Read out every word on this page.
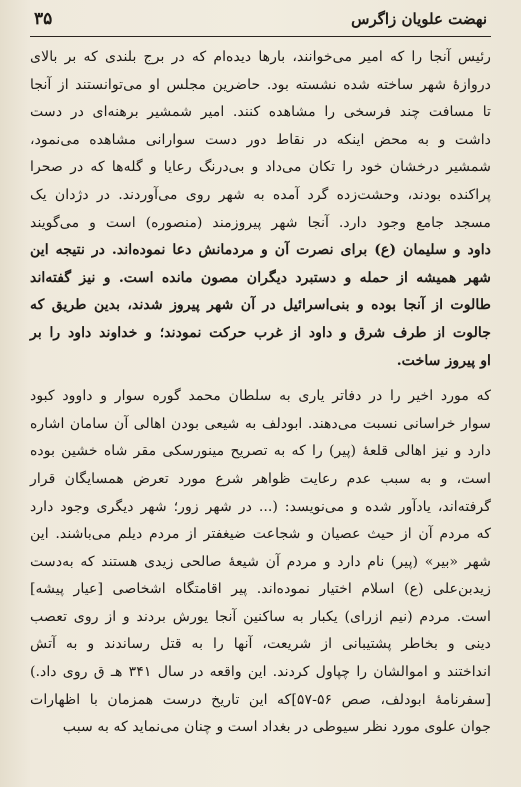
۳۵	نهضت علویان زاگرس

رئیس آنجا را که امیر می‌خوانند، بارها دیده‌ام که در برج بلندی که بر بالای
دروازهٔ شهر ساخته شده نشسته بود. حاضرین مجلس او می‌توانستند از آنجا
تا مسافت چند فرسخی را مشاهده کنند. امیر شمشیر برهنه‌ای در دست
داشت و به محض اینکه در نقاط دور دست سوارانی مشاهده می‌نمود،
شمشیر درخشان خود را تکان می‌داد و بی‌درنگ رعایا و گله‌ها که در صحرا
پراکنده بودند، وحشت‌زده گرد آمده به شهر روی می‌آوردند. در دژدان یک
مسجد جامع وجود دارد. آنجا شهر پیروزمند (منصوره) است و می‌گویند
داود و سلیمان (ع) برای نصرت آن و مردمانش دعا نموده‌اند. در نتیجه این
شهر همیشه از حمله و دستبرد دیگران مصون مانده است. و نیز گفته‌اند
طالوت از آنجا بوده و بنی‌اسرائیل در آن شهر پیروز شدند، بدین طریق که
جالوت از طرف شرق و داود از غرب حرکت نمودند؛ و خداوند داود را بر
او پیروز ساخت.

که مورد اخیر را در دفاتر یاری به سلطان محمد گوره سوار و داوود کبود
سوار خراسانی نسبت می‌دهند. ابودلف به شیعی بودن اهالی آن سامان اشاره
دارد و نیز اهالی قلعهٔ (پیر) را که به تصریح مینورسکی مقر شاه خشین بوده
است، و به سبب عدم رعایت ظواهر شرع مورد تعرض همسایگان قرار
گرفته‌اند، یادآور شده و می‌نویسد: (... در شهر زور؛ شهر دیگری وجود دارد
که مردم آن از حیث عصیان و شجاعت ضیغفتر از مردم دیلم می‌باشند. این
شهر «بیر» (پیر) نام دارد و مردم آن شیعهٔ صالحی زیدی هستند که به‌دست
زیدبن‌علی (ع) اسلام اختیار نموده‌اند. پیر اقامتگاه اشخاصی [عیار پیشه]
است. مردم (نیم ازرای) یکبار به ساکنین آنجا یورش بردند و از روی تعصب
دینی و بخاطر پشتیبانی از شریعت، آنها را به قتل رساندند و به آتش
انداختند و اموالشان را چپاول کردند. این واقعه در سال ۳۴۱ هـ ق روی داد.)
[سفرنامهٔ ابودلف، صص ۵۶-۵۷]که این تاریخ درست همزمان با اظهارات
جوان علوی مورد نظر سیوطی در بغداد است و چنان می‌نماید که به سبب
